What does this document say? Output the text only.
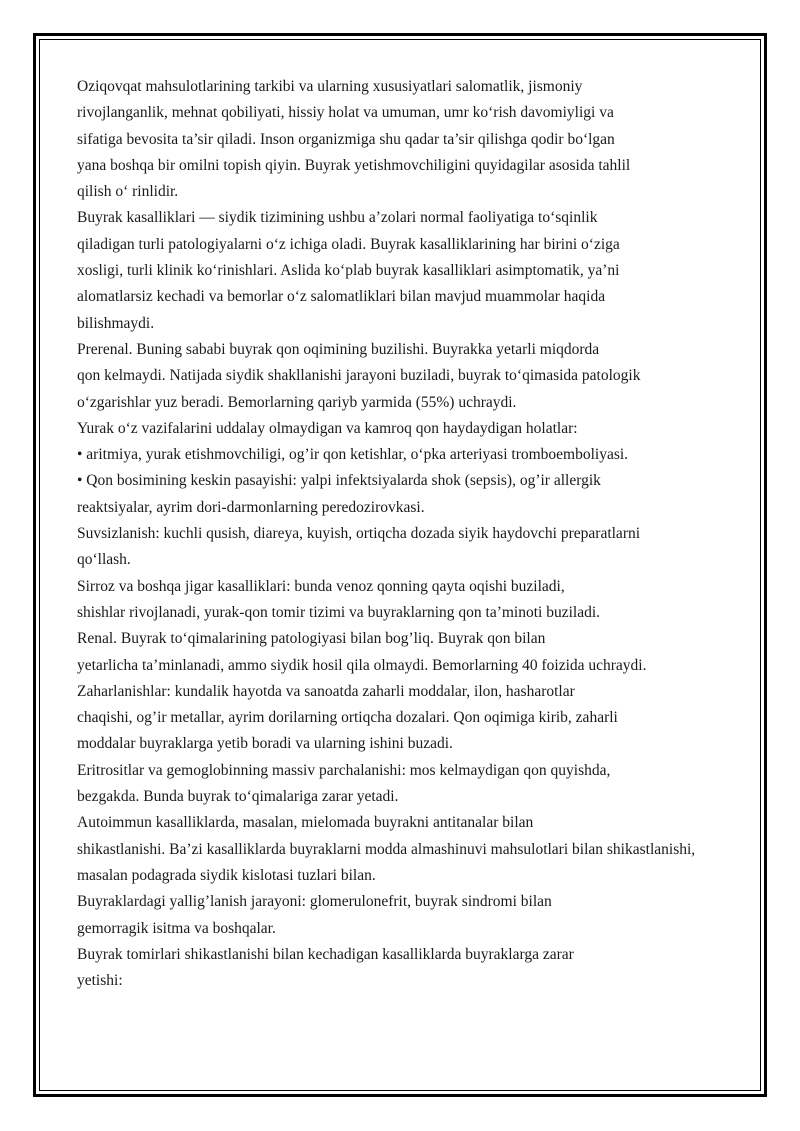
Oziqovqat mahsulotlarining tarkibi va ularning xususiyatlari salomatlik, jismoniy
rivojlanganlik, mehnat qobiliyati, hissiy holat va umuman, umr ko‘rish davomiyligi va
sifatiga bevosita ta’sir qiladi. Inson organizmiga shu qadar ta’sir qilishga qodir bo‘lgan
yana boshqa bir omilni topish qiyin. Buyrak yetishmovchiligini quyidagilar asosida tahlil
qilish o‘ rinlidir.
Buyrak kasalliklari — siydik tizimining ushbu a’zolari normal faoliyatiga to‘sqinlik
qiladigan turli patologiyalarni o‘z ichiga oladi. Buyrak kasalliklarining har birini o‘ziga
xosligi, turli klinik ko‘rinishlari. Aslida ko‘plab buyrak kasalliklari asimptomatik, ya’ni
alomatlarsiz kechadi va bemorlar o‘z salomatliklari bilan mavjud muammolar haqida
bilishmaydi.
Prerenal. Buning sababi buyrak qon oqimining buzilishi. Buyrakka yetarli miqdorda
qon kelmaydi. Natijada siydik shakllanishi jarayoni buziladi, buyrak to‘qimasida patologik
o‘zgarishlar yuz beradi. Bemorlarning qariyb yarmida (55%) uchraydi.
Yurak o‘z vazifalarini uddalay olmaydigan va kamroq qon haydaydigan holatlar:
• aritmiya, yurak etishmovchiligi, og’ir qon ketishlar, o‘pka arteriyasi tromboemboliyasi.
• Qon bosimining keskin pasayishi: yalpi infektsiyalarda shok (sepsis), og’ir allergik
reaktsiyalar, ayrim dori-darmonlarning peredozirovkasi.
Suvsizlanish: kuchli qusish, diareya, kuyish, ortiqcha dozada siyik haydovchi preparatlarni
qo‘llash.
Sirroz va boshqa jigar kasalliklari: bunda venoz qonning qayta oqishi buziladi,
shishlar rivojlanadi, yurak-qon tomir tizimi va buyraklarning qon ta’minoti buziladi.
Renal. Buyrak to‘qimalarining patologiyasi bilan bog’liq. Buyrak qon bilan
yetarlicha ta’minlanadi, ammo siydik hosil qila olmaydi. Bemorlarning 40 foizida uchraydi.
Zaharlanishlar: kundalik hayotda va sanoatda zaharli moddalar, ilon, hasharotlar
chaqishi, og’ir metallar, ayrim dorilarning ortiqcha dozalari. Qon oqimiga kirib, zaharli
moddalar buyraklarga yetib boradi va ularning ishini buzadi.
Eritrositlar va gemoglobinning massiv parchalanishi: mos kelmaydigan qon quyishda,
bezgakda. Bunda buyrak to‘qimalariga zarar yetadi.
Autoimmun kasalliklarda, masalan, mielomada buyrakni antitanalar bilan
shikastlanishi. Ba’zi kasalliklarda buyraklarni modda almashinuvi mahsulotlari bilan shikastlanishi,
masalan podagrada siydik kislotasi tuzlari bilan.
Buyraklardagi yallig’lanish jarayoni: glomerulonefrit, buyrak sindromi bilan
gemorragik isitma va boshqalar.
Buyrak tomirlari shikastlanishi bilan kechadigan kasalliklarda buyraklarga zarar
yetishi:
